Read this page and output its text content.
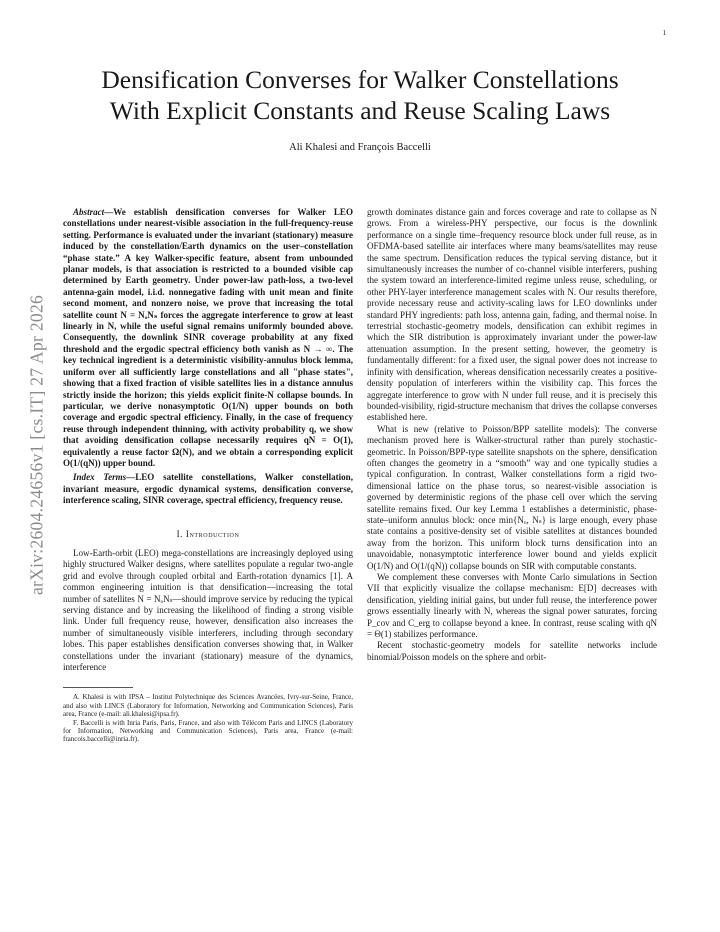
1
arXiv:2604.24656v1 [cs.IT] 27 Apr 2026
Densification Converses for Walker Constellations
With Explicit Constants and Reuse Scaling Laws
Ali Khalesi and François Baccelli

Abstract—We establish densification converses for Walker LEO constellations under nearest-visible association in the full-frequency-reuse setting. Performance is evaluated under the invariant (stationary) measure induced by the constellation/Earth dynamics on the user–constellation “phase state.” A key Walker-specific feature, absent from unbounded planar models, is that association is restricted to a bounded visible cap determined by Earth geometry. Under power-law path-loss, a two-level antenna-gain model, i.i.d. nonnegative fading with unit mean and finite second moment, and nonzero noise, we prove that increasing the total satellite count N = NₒNₛ forces the aggregate interference to grow at least linearly in N, while the useful signal remains uniformly bounded above. Consequently, the downlink SINR coverage probability at any fixed threshold and the ergodic spectral efficiency both vanish as N → ∞. The key technical ingredient is a deterministic visibility-annulus block lemma, uniform over all sufficiently large constellations and all "phase states", showing that a fixed fraction of visible satellites lies in a distance annulus strictly inside the horizon; this yields explicit finite-N collapse bounds. In particular, we derive nonasymptotic O(1/N) upper bounds on both coverage and ergodic spectral efficiency. Finally, in the case of frequency reuse through independent thinning, with activity probability q, we show that avoiding densification collapse necessarily requires qN = O(1), equivalently a reuse factor Ω(N), and we obtain a corresponding explicit O(1/(qN)) upper bound.

Index Terms—LEO satellite constellations, Walker constellation, invariant measure, ergodic dynamical systems, densification converse, interference scaling, SINR coverage, spectral efficiency, frequency reuse.

I. Introduction

Low-Earth-orbit (LEO) mega-constellations are increasingly deployed using highly structured Walker designs, where satellites populate a regular two-angle grid and evolve through coupled orbital and Earth-rotation dynamics [1]. A common engineering intuition is that densification—increasing the total number of satellites N = NₒNₛ—should improve service by reducing the typical serving distance and by increasing the likelihood of finding a strong visible link. Under full frequency reuse, however, densification also increases the number of simultaneously visible interferers, including through secondary lobes. This paper establishes densification converses showing that, in Walker constellations under the invariant (stationary) measure of the dynamics, interference

A. Khalesi is with IPSA – Institut Polytechnique des Sciences Avancées, Ivry-sur-Seine, France, and also with LINCS (Laboratory for Information, Networking and Communication Sciences), Paris area, France (e-mail: ali.khalesi@ipsa.fr).

F. Baccelli is with Inria Paris, Paris, France, and also with Télécom Paris and LINCS (Laboratory for Information, Networking and Communication Sciences), Paris area, France (e-mail: francois.baccelli@inria.fr).

growth dominates distance gain and forces coverage and rate to collapse as N grows. From a wireless-PHY perspective, our focus is the downlink performance on a single time–frequency resource block under full reuse, as in OFDMA-based satellite air interfaces where many beams/satellites may reuse the same spectrum. Densification reduces the typical serving distance, but it simultaneously increases the number of co-channel visible interferers, pushing the system toward an interference-limited regime unless reuse, scheduling, or other PHY-layer interference management scales with N. Our results therefore, provide necessary reuse and activity-scaling laws for LEO downlinks under standard PHY ingredients: path loss, antenna gain, fading, and thermal noise. In terrestrial stochastic-geometry models, densification can exhibit regimes in which the SIR distribution is approximately invariant under the power-law attenuation assumption. In the present setting, however, the geometry is fundamentally different: for a fixed user, the signal power does not increase to infinity with densification, whereas densification necessarily creates a positive-density population of interferers within the visibility cap. This forces the aggregate interference to grow with N under full reuse, and it is precisely this bounded-visibility, rigid-structure mechanism that drives the collapse converses established here.

What is new (relative to Poisson/BPP satellite models): The converse mechanism proved here is Walker-structural rather than purely stochastic-geometric. In Poisson/BPP-type satellite snapshots on the sphere, densification often changes the geometry in a “smooth” way and one typically studies a typical configuration. In contrast, Walker constellations form a rigid two-dimensional lattice on the phase torus, so nearest-visible association is governed by deterministic regions of the phase cell over which the serving satellite remains fixed. Our key Lemma 1 establishes a deterministic, phase-state–uniform annulus block: once min{Nₒ, Nₛ} is large enough, every phase state contains a positive-density set of visible satellites at distances bounded away from the horizon. This uniform block turns densification into an unavoidable, nonasymptotic interference lower bound and yields explicit O(1/N) and O(1/(qN)) collapse bounds on SIR with computable constants.

We complement these converses with Monte Carlo simulations in Section VII that explicitly visualize the collapse mechanism: E[D] decreases with densification, yielding initial gains, but under full reuse, the interference power grows essentially linearly with N, whereas the signal power saturates, forcing P_cov and C_erg to collapse beyond a knee. In contrast, reuse scaling with qN = Θ(1) stabilizes performance.

Recent stochastic-geometry models for satellite networks include binomial/Poisson models on the sphere and orbit-
